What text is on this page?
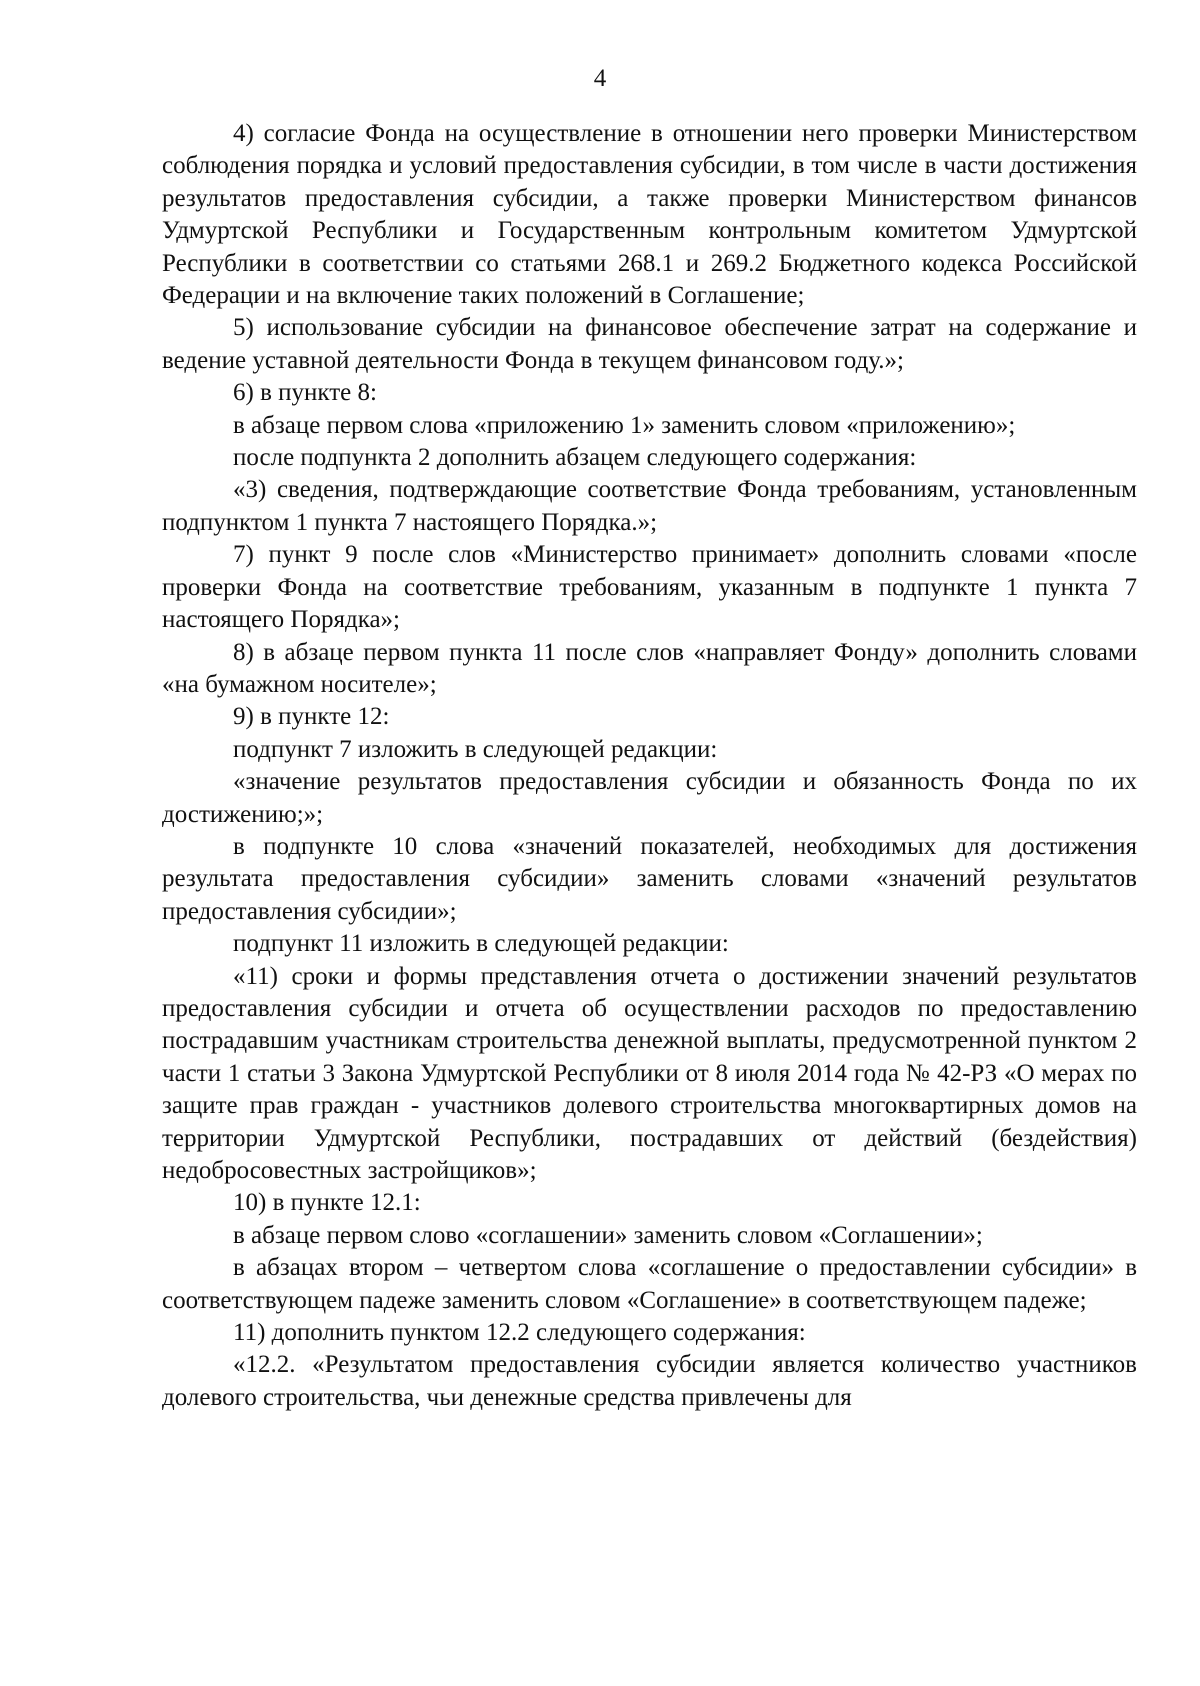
4

4) согласие Фонда на осуществление в отношении него проверки Министерством соблюдения порядка и условий предоставления субсидии, в том числе в части достижения результатов предоставления субсидии, а также проверки Министерством финансов Удмуртской Республики и Государственным контрольным комитетом Удмуртской Республики в соответствии со статьями 268.1 и 269.2 Бюджетного кодекса Российской Федерации и на включение таких положений в Соглашение;

5) использование субсидии на финансовое обеспечение затрат на содержание и ведение уставной деятельности Фонда в текущем финансовом году.»;

6) в пункте 8:

в абзаце первом слова «приложению 1» заменить словом «приложению»;

после подпункта 2 дополнить абзацем следующего содержания:

«3) сведения, подтверждающие соответствие Фонда требованиям, установленным подпунктом 1 пункта 7 настоящего Порядка.»;

7) пункт 9 после слов «Министерство принимает» дополнить словами «после проверки Фонда на соответствие требованиям, указанным в подпункте 1 пункта 7 настоящего Порядка»;

8) в абзаце первом пункта 11 после слов «направляет Фонду» дополнить словами «на бумажном носителе»;

9) в пункте 12:

подпункт 7 изложить в следующей редакции:

«значение результатов предоставления субсидии и обязанность Фонда по их достижению;»;

в подпункте 10 слова «значений показателей, необходимых для достижения результата предоставления субсидии» заменить словами «значений результатов предоставления субсидии»;

подпункт 11 изложить в следующей редакции:

«11) сроки и формы представления отчета о достижении значений результатов предоставления субсидии и отчета об осуществлении расходов по предоставлению пострадавшим участникам строительства денежной выплаты, предусмотренной пунктом 2 части 1 статьи 3 Закона Удмуртской Республики от 8 июля 2014 года № 42-РЗ «О мерах по защите прав граждан - участников долевого строительства многоквартирных домов на территории Удмуртской Республики, пострадавших от действий (бездействия) недобросовестных застройщиков»;

10) в пункте 12.1:

в абзаце первом слово «соглашении» заменить словом «Соглашении»;

в абзацах втором – четвертом слова «соглашение о предоставлении субсидии» в соответствующем падеже заменить словом «Соглашение» в соответствующем падеже;

11) дополнить пунктом 12.2 следующего содержания:

«12.2. «Результатом предоставления субсидии является количество участников долевого строительства, чьи денежные средства привлечены для
